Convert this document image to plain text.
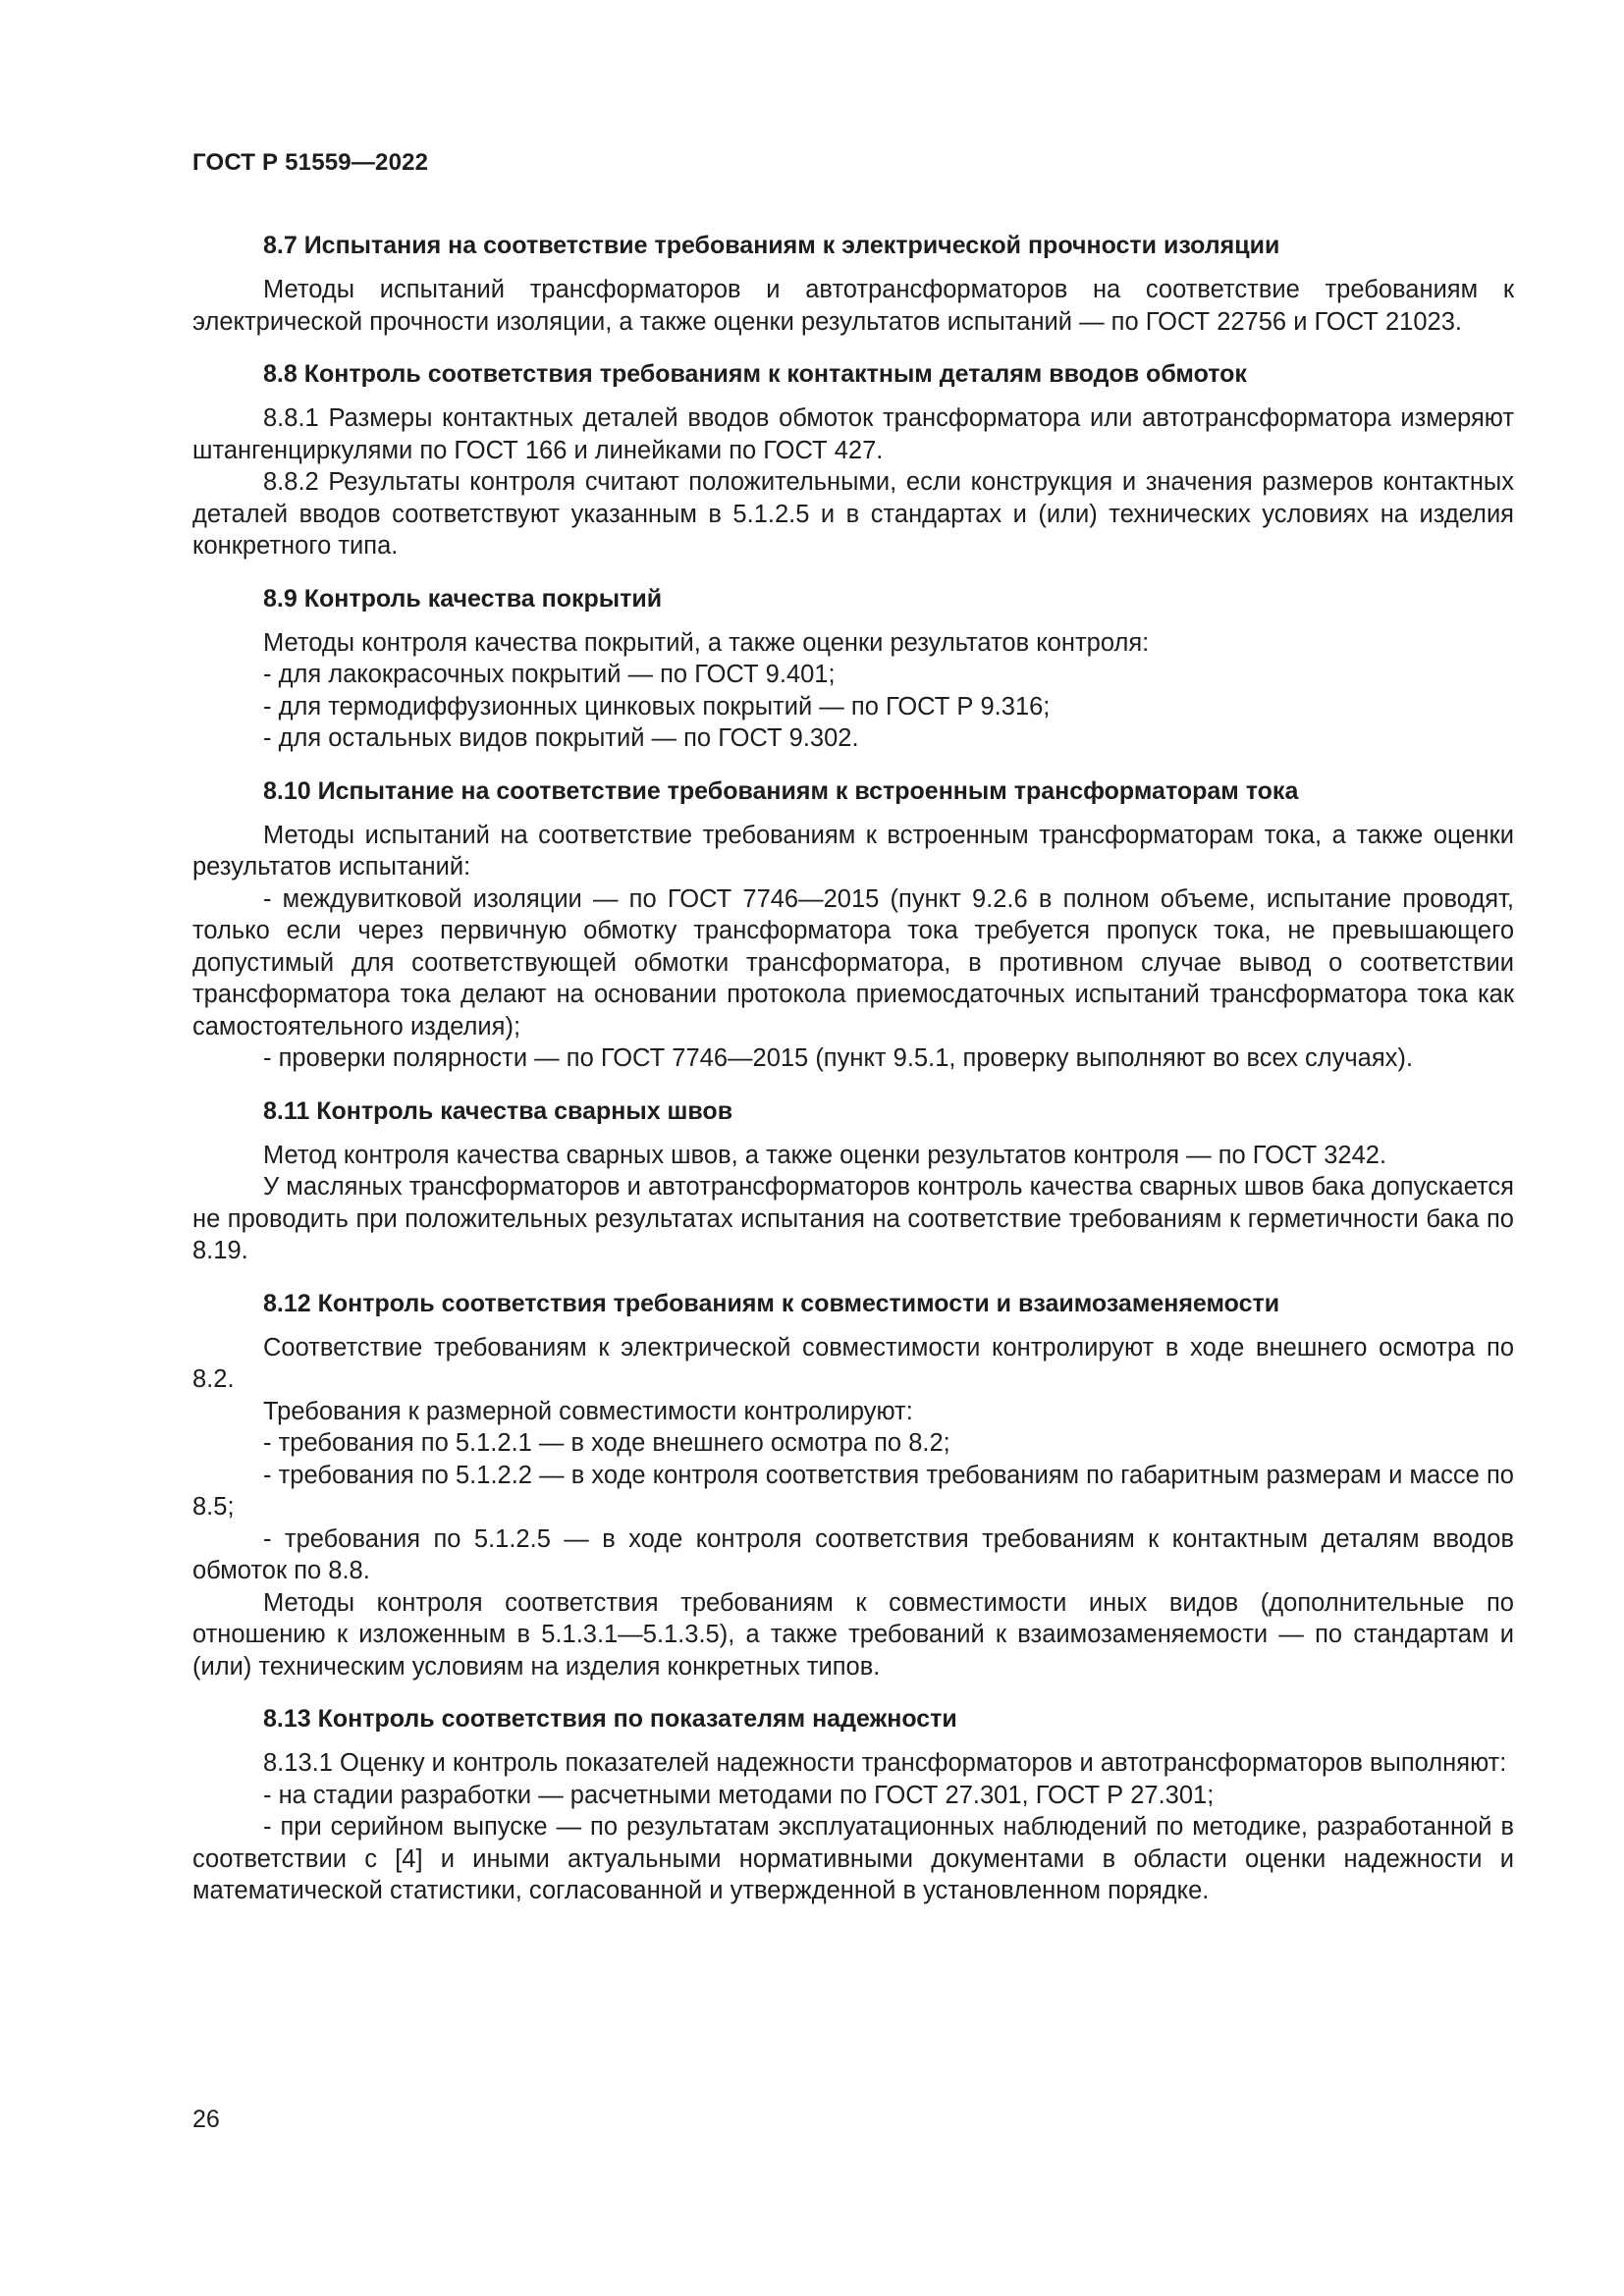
ГОСТ Р 51559—2022
8.7 Испытания на соответствие требованиям к электрической прочности изоляции

Методы испытаний трансформаторов и автотрансформаторов на соответствие требованиям к электрической прочности изоляции, а также оценки результатов испытаний — по ГОСТ 22756 и ГОСТ 21023.

8.8 Контроль соответствия требованиям к контактным деталям вводов обмоток

8.8.1 Размеры контактных деталей вводов обмоток трансформатора или автотрансформатора измеряют штангенциркулями по ГОСТ 166 и линейками по ГОСТ 427.

8.8.2 Результаты контроля считают положительными, если конструкция и значения размеров контактных деталей вводов соответствуют указанным в 5.1.2.5 и в стандартах и (или) технических условиях на изделия конкретного типа.

8.9 Контроль качества покрытий

Методы контроля качества покрытий, а также оценки результатов контроля:

- для лакокрасочных покрытий — по ГОСТ 9.401;

- для термодиффузионных цинковых покрытий — по ГОСТ Р 9.316;

- для остальных видов покрытий — по ГОСТ 9.302.

8.10 Испытание на соответствие требованиям к встроенным трансформаторам тока

Методы испытаний на соответствие требованиям к встроенным трансформаторам тока, а также оценки результатов испытаний:

- междувитковой изоляции — по ГОСТ 7746—2015 (пункт 9.2.6 в полном объеме, испытание проводят, только если через первичную обмотку трансформатора тока требуется пропуск тока, не превышающего допустимый для соответствующей обмотки трансформатора, в противном случае вывод о соответствии трансформатора тока делают на основании протокола приемосдаточных испытаний трансформатора тока как самостоятельного изделия);

- проверки полярности — по ГОСТ 7746—2015 (пункт 9.5.1, проверку выполняют во всех случаях).

8.11 Контроль качества сварных швов

Метод контроля качества сварных швов, а также оценки результатов контроля — по ГОСТ 3242.

У масляных трансформаторов и автотрансформаторов контроль качества сварных швов бака допускается не проводить при положительных результатах испытания на соответствие требованиям к герметичности бака по 8.19.

8.12 Контроль соответствия требованиям к совместимости и взаимозаменяемости

Соответствие требованиям к электрической совместимости контролируют в ходе внешнего осмотра по 8.2.

Требования к размерной совместимости контролируют:

- требования по 5.1.2.1 — в ходе внешнего осмотра по 8.2;

- требования по 5.1.2.2 — в ходе контроля соответствия требованиям по габаритным размерам и массе по 8.5;

- требования по 5.1.2.5 — в ходе контроля соответствия требованиям к контактным деталям вводов обмоток по 8.8.

Методы контроля соответствия требованиям к совместимости иных видов (дополнительные по отношению к изложенным в 5.1.3.1—5.1.3.5), а также требований к взаимозаменяемости — по стандартам и (или) техническим условиям на изделия конкретных типов.

8.13 Контроль соответствия по показателям надежности

8.13.1 Оценку и контроль показателей надежности трансформаторов и автотрансформаторов выполняют:

- на стадии разработки — расчетными методами по ГОСТ 27.301, ГОСТ Р 27.301;

- при серийном выпуске — по результатам эксплуатационных наблюдений по методике, разработанной в соответствии с [4] и иными актуальными нормативными документами в области оценки надежности и математической статистики, согласованной и утвержденной в установленном порядке.

26
